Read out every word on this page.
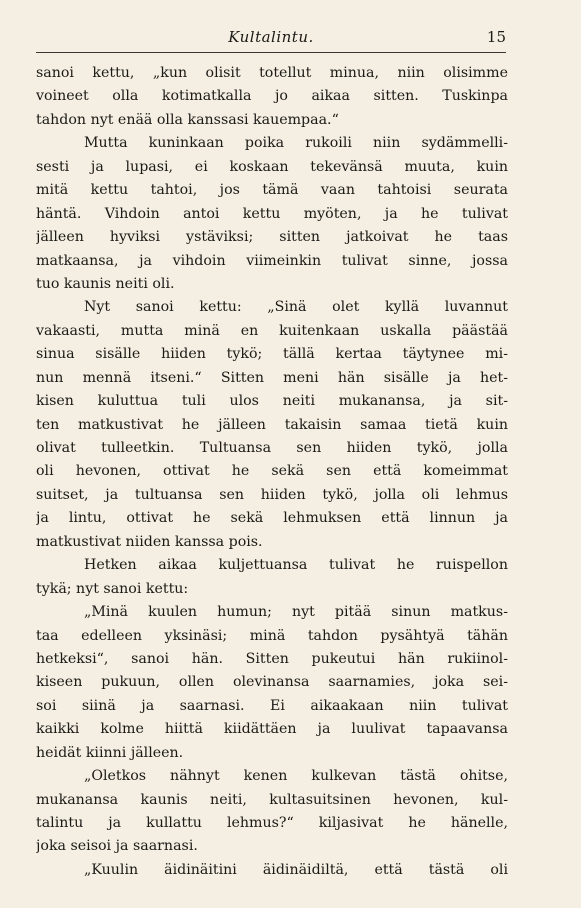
Kultalintu.	15
sanoi kettu, „kun olisit totellut minua, niin olisimme
voineet olla kotimatkalla jo aikaa sitten. Tuskinpa
tahdon nyt enää olla kanssasi kauempaa.“
Mutta kuninkaan poika rukoili niin sydämmelli-
sesti ja lupasi, ei koskaan tekevänsä muuta, kuin
mitä kettu tahtoi, jos tämä vaan tahtoisi seurata
häntä. Vihdoin antoi kettu myöten, ja he tulivat
jälleen hyviksi ystäviksi; sitten jatkoivat he taas
matkaansa, ja vihdoin viimeinkin tulivat sinne, jossa
tuo kaunis neiti oli.
Nyt sanoi kettu: „Sinä olet kyllä luvannut
vakaasti, mutta minä en kuitenkaan uskalla päästää
sinua sisälle hiiden tykö; tällä kertaa täytynee mi-
nun mennä itseni.“ Sitten meni hän sisälle ja het-
kisen kuluttua tuli ulos neiti mukanansa, ja sit-
ten matkustivat he jälleen takaisin samaa tietä kuin
olivat tulleetkin. Tultuansa sen hiiden tykö, jolla
oli hevonen, ottivat he sekä sen että komeimmat
suitset, ja tultuansa sen hiiden tykö, jolla oli lehmus
ja lintu, ottivat he sekä lehmuksen että linnun ja
matkustivat niiden kanssa pois.
Hetken aikaa kuljettuansa tulivat he ruispellon
tykä; nyt sanoi kettu:
„Minä kuulen humun; nyt pitää sinun matkus-
taa edelleen yksinäsi; minä tahdon pysähtyä tähän
hetkeksi“, sanoi hän. Sitten pukeutui hän rukiinol-
kiseen pukuun, ollen olevinansa saarnamies, joka sei-
soi siinä ja saarnasi. Ei aikaakaan niin tulivat
kaikki kolme hiittä kiidättäen ja luulivat tapaavansa
heidät kiinni jälleen.
„Oletkos nähnyt kenen kulkevan tästä ohitse,
mukanansa kaunis neiti, kultasuitsinen hevonen, kul-
talintu ja kullattu lehmus?“ kiljasivat he hänelle,
joka seisoi ja saarnasi.
„Kuulin äidinäitini äidinäidiltä, että tästä oli
